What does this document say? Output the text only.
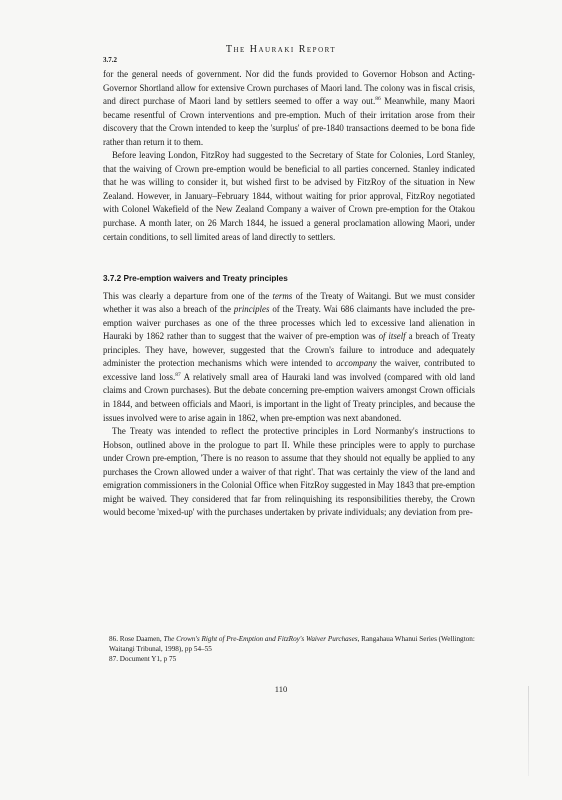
The Hauraki Report
3.7.2

for the general needs of government. Nor did the funds provided to Governor Hobson and Acting-Governor Shortland allow for extensive Crown purchases of Maori land. The colony was in fiscal crisis, and direct purchase of Maori land by settlers seemed to offer a way out.$^{86}$ Meanwhile, many Maori became resentful of Crown interventions and pre-emption. Much of their irritation arose from their discovery that the Crown intended to keep the 'surplus' of pre-1840 transactions deemed to be bona fide rather than return it to them.

Before leaving London, FitzRoy had suggested to the Secretary of State for Colonies, Lord Stanley, that the waiving of Crown pre-emption would be beneficial to all parties concerned. Stanley indicated that he was willing to consider it, but wished first to be advised by FitzRoy of the situation in New Zealand. However, in January–February 1844, without waiting for prior approval, FitzRoy negotiated with Colonel Wakefield of the New Zealand Company a waiver of Crown pre-emption for the Otakou purchase. A month later, on 26 March 1844, he issued a general proclamation allowing Maori, under certain conditions, to sell limited areas of land directly to settlers.

3.7.2 Pre-emption waivers and Treaty principles

This was clearly a departure from one of the terms of the Treaty of Waitangi. But we must consider whether it was also a breach of the principles of the Treaty. Wai 686 claimants have included the pre-emption waiver purchases as one of the three processes which led to excessive land alienation in Hauraki by 1862 rather than to suggest that the waiver of pre-emption was of itself a breach of Treaty principles. They have, however, suggested that the Crown's failure to introduce and adequately administer the protection mechanisms which were intended to accompany the waiver, contributed to excessive land loss.$^{87}$ A relatively small area of Hauraki land was involved (compared with old land claims and Crown purchases). But the debate concerning pre-emption waivers amongst Crown officials in 1844, and between officials and Maori, is important in the light of Treaty principles, and because the issues involved were to arise again in 1862, when pre-emption was next abandoned.

The Treaty was intended to reflect the protective principles in Lord Normanby's instructions to Hobson, outlined above in the prologue to part II. While these principles were to apply to purchase under Crown pre-emption, 'There is no reason to assume that they should not equally be applied to any purchases the Crown allowed under a waiver of that right'. That was certainly the view of the land and emigration commissioners in the Colonial Office when FitzRoy suggested in May 1843 that pre-emption might be waived. They considered that far from relinquishing its responsibilities thereby, the Crown would become 'mixed-up' with the purchases undertaken by private individuals; any deviation from pre-

86. Rose Daamen, The Crown's Right of Pre-Emption and FitzRoy's Waiver Purchases, Rangahaua Whanui Series (Wellington: Waitangi Tribunal, 1998), pp 54–55

87. Document Y1, p 75

110
